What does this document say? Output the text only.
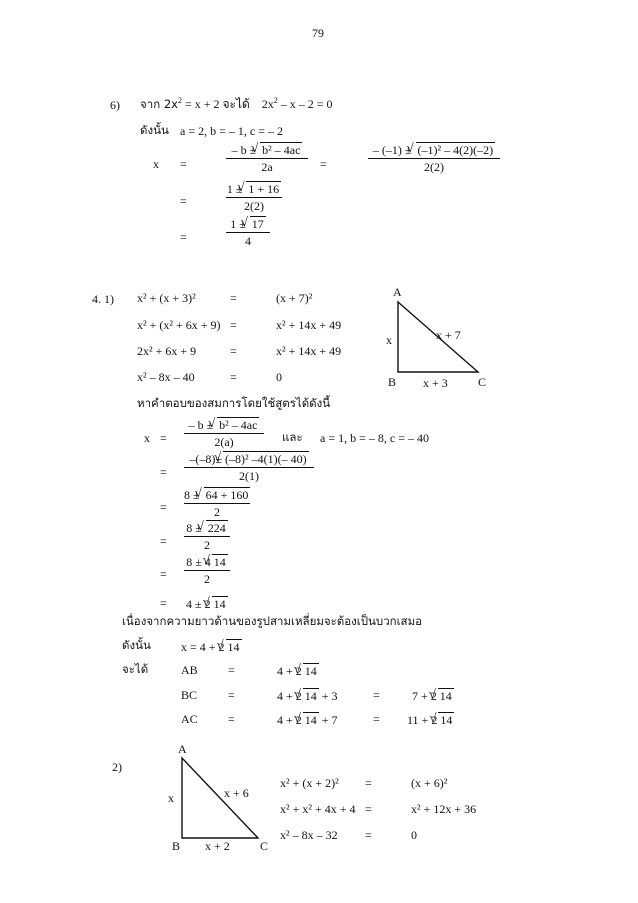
79
6) จาก $2x^2 = x + 2$ จะได้ $2x^2 - x - 2 = 0$
ดังนั้น a = 2, b = – 1, c = – 2
x =
– b ± √ b² – 4ac
2a	=
– (–1) ± √ (–1)² – 4(2)(–2)
2(2)
=
1 ± √ 1 + 16
2(2)
=
1 ± √ 17
4
4. 1) x² + (x + 3)²	=	(x + 7)²
x² + (x² + 6x + 9) =	x² + 14x + 49
2x² + 6x + 9	=	x² + 14x + 49
x² – 8x – 40	=	0
หาคำตอบของสมการโดยใช้สูตรได้ดังนี้
A
B	C
x	x + 7
x + 3
x =
– b ± √ b² – 4ac
2(a)	และ a = 1, b = – 8, c = – 40
=
–(–8)± √ (–8)² –4(1)(– 40)
2(1)
=
8 ± √ 64 + 160
2
=
8 ± √ 224
2
=
8 ± 4 √ 14
2
= 4 ± 2 √ 14
เนื่องจากความยาวด้านของรูปสามเหลี่ยมจะต้องเป็นบวกเสมอ
ดังนั้น	x = 4 + 2 √ 14
จะได้	AB	=	4 + 2 √ 14
BC	=	4 + 2 √ 14 + 3	=	7 + 2 √ 14
AC	=	4 + 2 √ 14 + 7	= 11 + 2 √ 14
2)
A
B	C
x	x + 6
x + 2
x² + (x + 2)² =	(x + 6)²
x² + x² + 4x + 4 =	x² + 12x + 36
x² – 8x – 32 =	0
